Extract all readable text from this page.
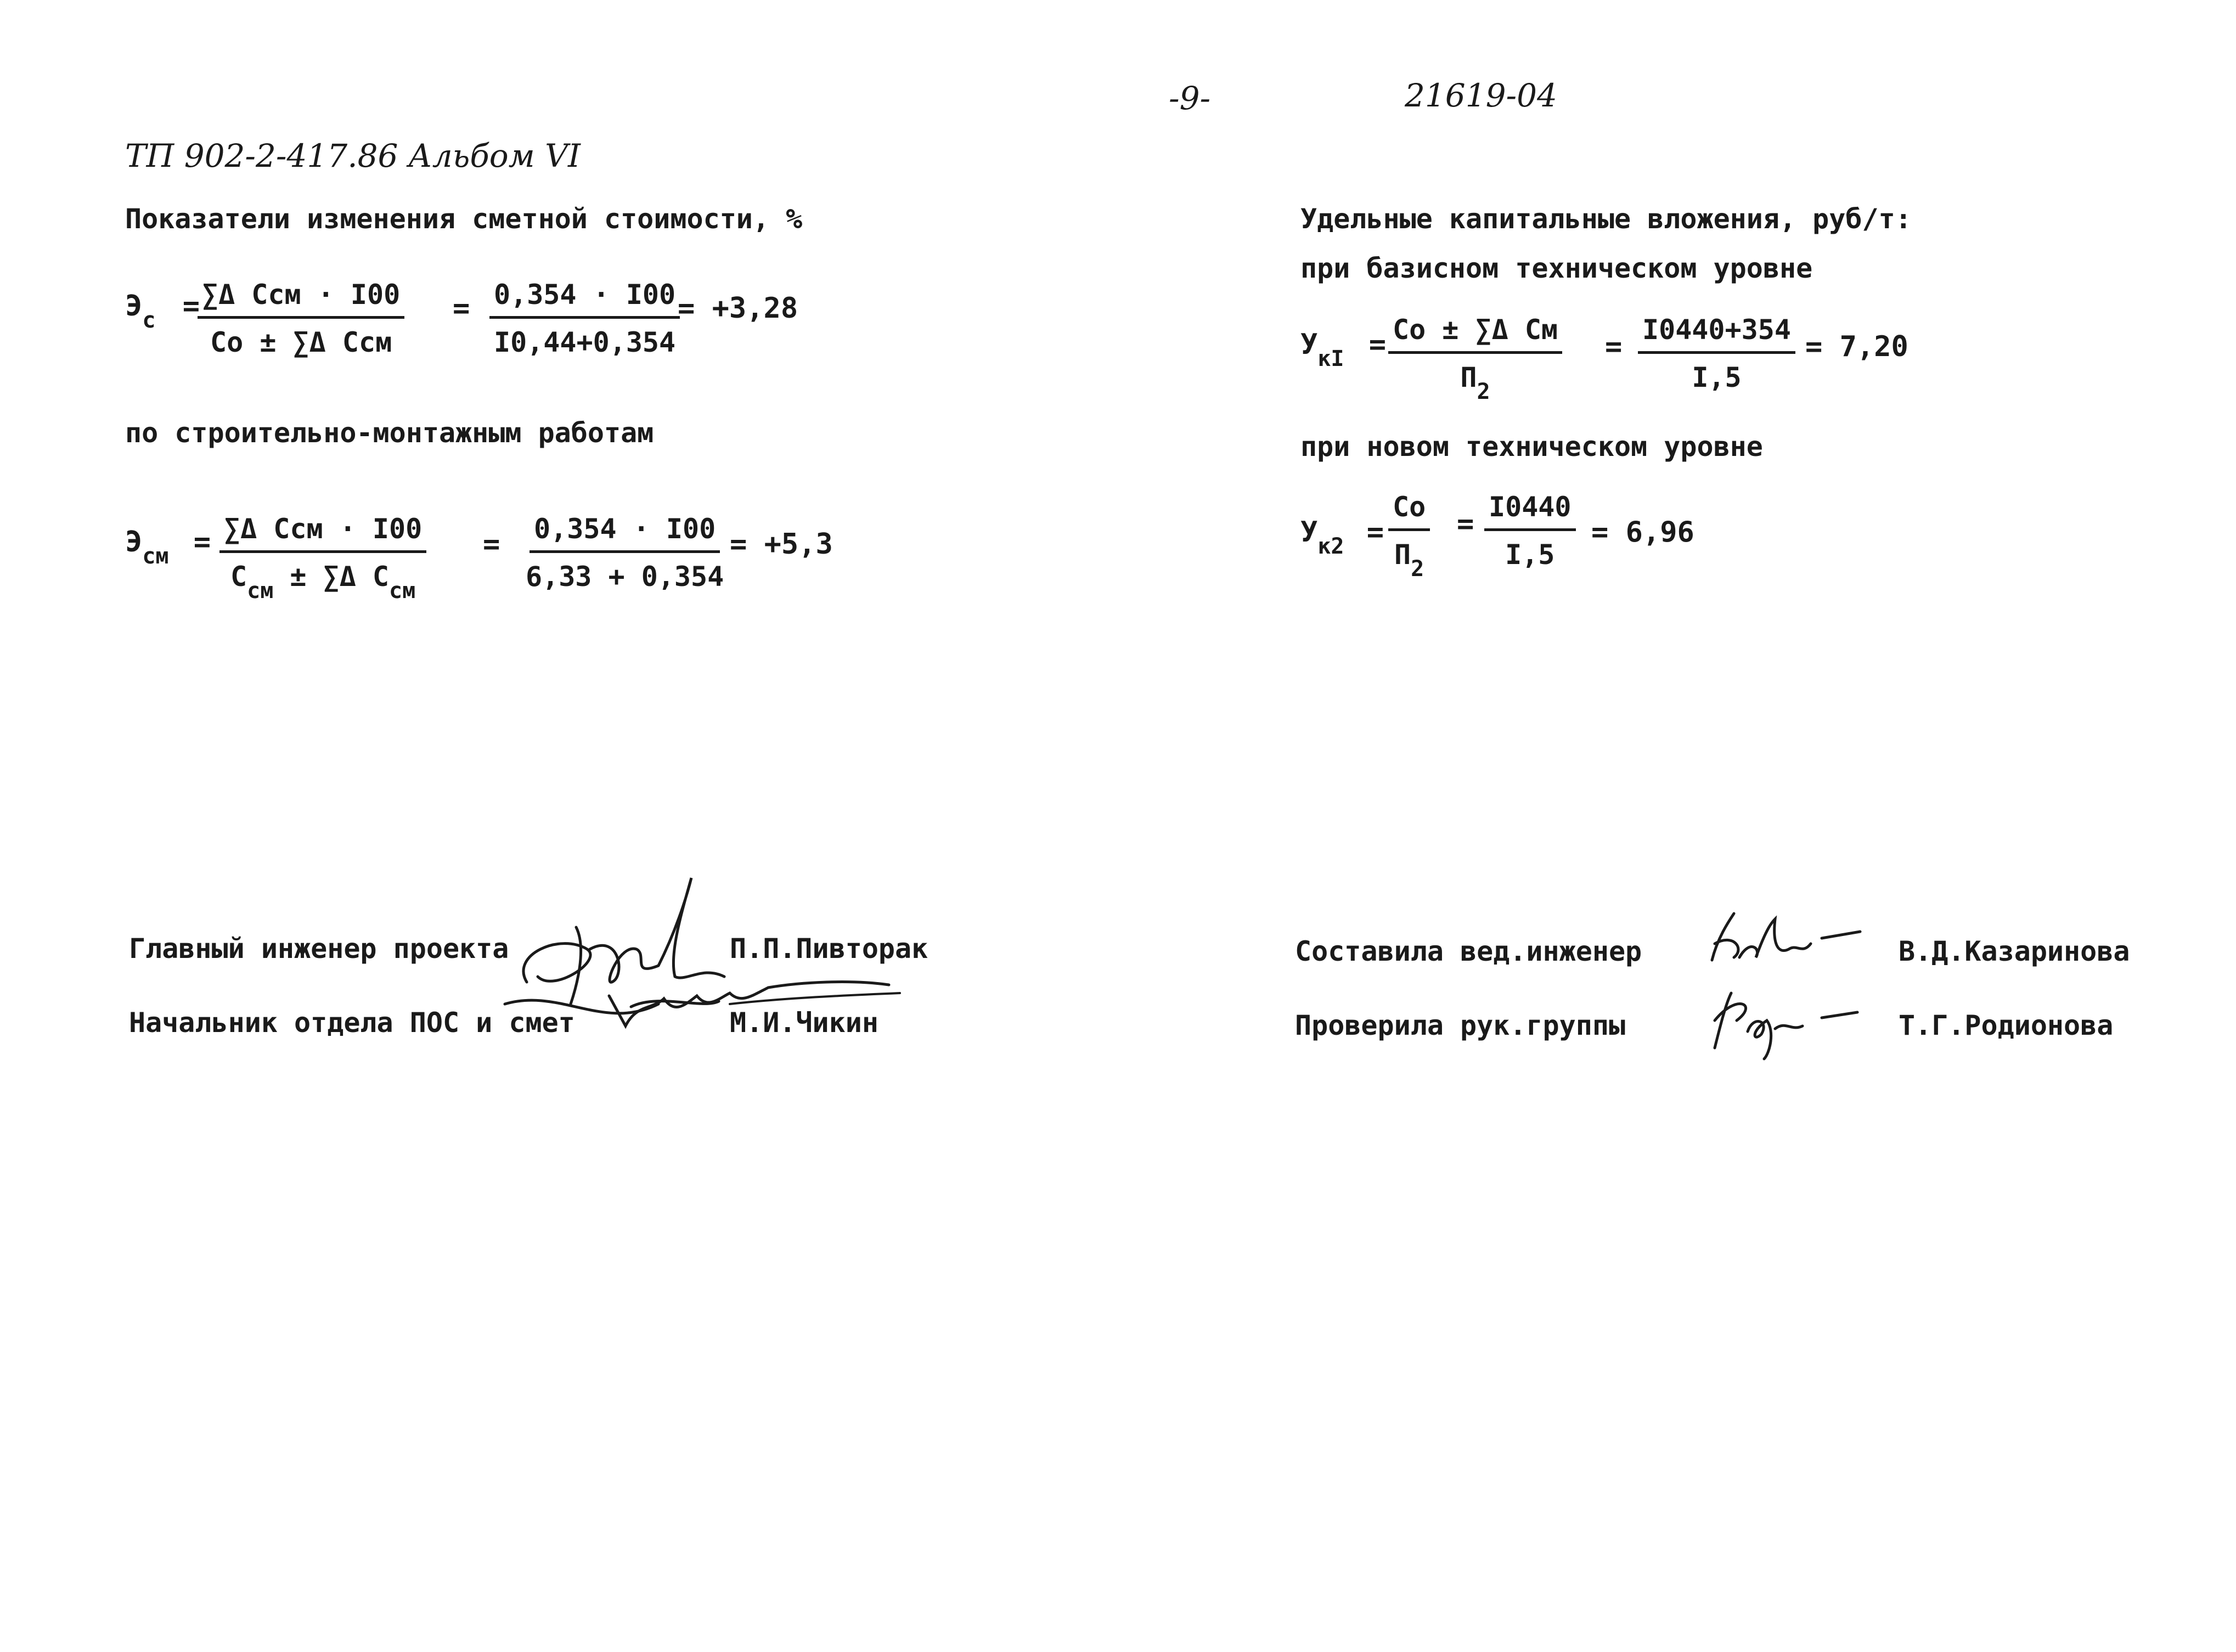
-9-	21619-04
ТП 902-2-417.86 Альбом VI
Показатели изменения сметной стоимости, %
$Э_с = \sum\Delta$ Ссм · I00
Со ± ∑Δ Ссм
= $\frac{0,354 \cdot I00}{I0,44+0,354}$
= +3,28
по строительно-монтажным работам
$Э_{см} = \sum\Delta$ Ссм · I00
$С_{см} \pm \sum\Delta$ $С_{см}$
= $\frac{0,354 \cdot I00}{6,33 + 0,354} = +5,3$
Удельные капитальные вложения, руб/т:
при базисном техническом уровне
$У_{кI}$ = Со ± ∑Δ См
$П_2$
= $\frac{I0440+354}{I,5} = 7,20$
при новом техническом уровне
$У_{к2}$ =
Со
$П_2$
= $\frac{I0440}{I,5} = 6,96$
Главный инженер проекта	П.П.Пивторак
Начальник отдела ПОС и смет	М.И.Чикин
Составила вед.инженер	В.Д.Казаринова
Проверила рук.группы	Т.Г.Родионова
